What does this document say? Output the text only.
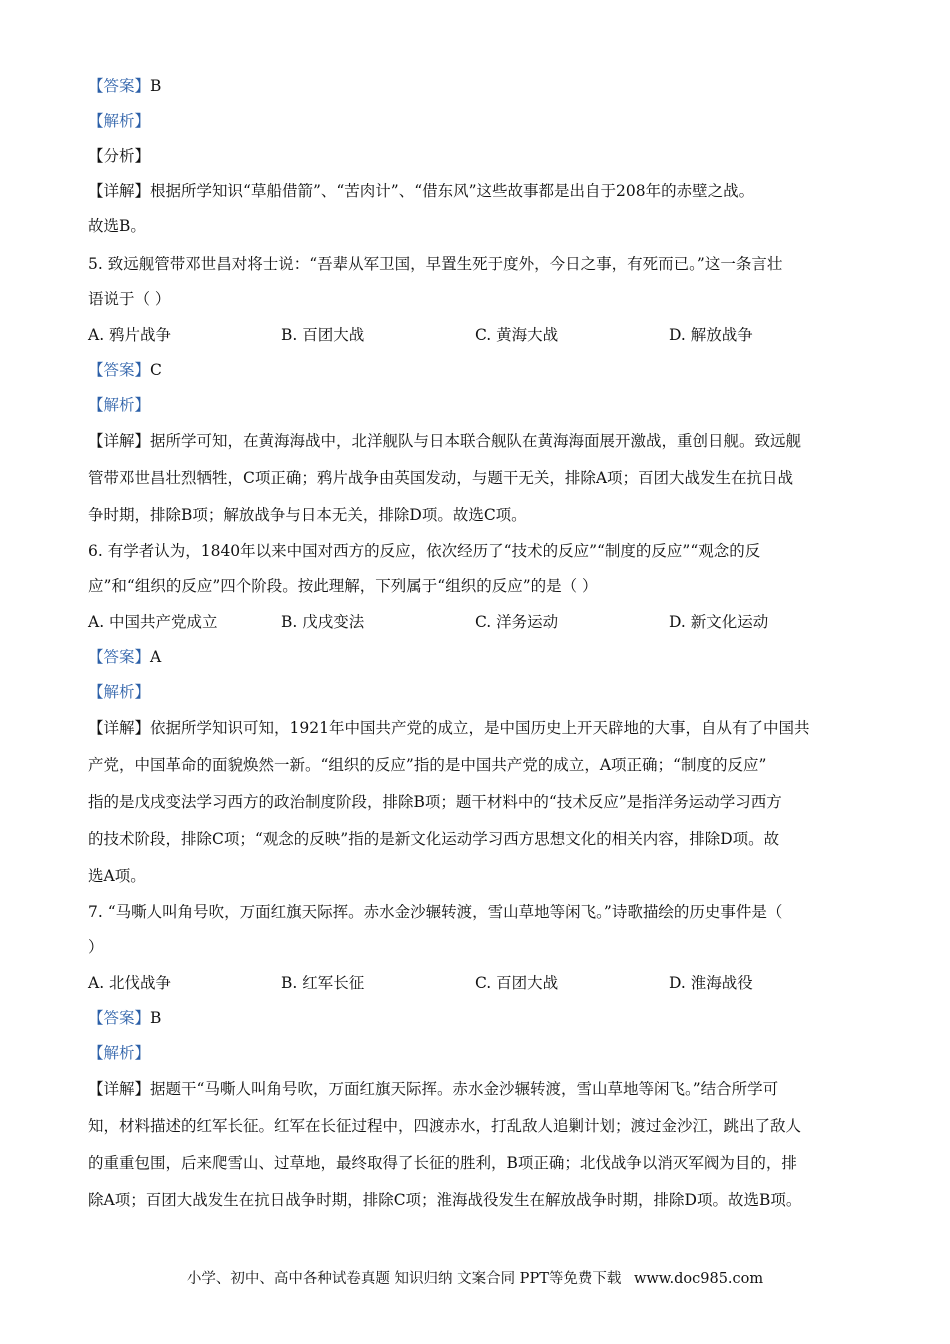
【答案】B
【解析】
【分析】
【详解】根据所学知识“草船借箭”、“苦肉计”、“借东风”这些故事都是出自于208年的赤壁之战。
故选B。
5. 致远舰管带邓世昌对将士说：“吾辈从军卫国，早置生死于度外，今日之事，有死而已。”这一条言壮
语说于（ ）
A. 鸦片战争	B. 百团大战	C. 黄海大战	D. 解放战争
【答案】C
【解析】
【详解】据所学可知，在黄海海战中，北洋舰队与日本联合舰队在黄海海面展开激战，重创日舰。致远舰
管带邓世昌壮烈牺牲，C项正确；鸦片战争由英国发动，与题干无关，排除A项；百团大战发生在抗日战
争时期，排除B项；解放战争与日本无关，排除D项。故选C项。
6. 有学者认为，1840年以来中国对西方的反应，依次经历了“技术的反应”“制度的反应”“观念的反
应”和“组织的反应”四个阶段。按此理解，下列属于“组织的反应”的是（ ）
A. 中国共产党成立	B. 戊戌变法	C. 洋务运动	D. 新文化运动
【答案】A
【解析】
【详解】依据所学知识可知，1921年中国共产党的成立，是中国历史上开天辟地的大事，自从有了中国共
产党，中国革命的面貌焕然一新。“组织的反应”指的是中国共产党的成立，A项正确；“制度的反应”
指的是戊戌变法学习西方的政治制度阶段，排除B项；题干材料中的“技术反应”是指洋务运动学习西方
的技术阶段，排除C项；“观念的反映”指的是新文化运动学习西方思想文化的相关内容，排除D项。故
选A项。
7. “马嘶人叫角号吹，万面红旗天际挥。赤水金沙辗转渡，雪山草地等闲飞。”诗歌描绘的历史事件是（
）
A. 北伐战争	B. 红军长征	C. 百团大战	D. 淮海战役
【答案】B
【解析】
【详解】据题干“马嘶人叫角号吹，万面红旗天际挥。赤水金沙辗转渡，雪山草地等闲飞。”结合所学可
知，材料描述的红军长征。红军在长征过程中，四渡赤水，打乱敌人追剿计划；渡过金沙江，跳出了敌人
的重重包围，后来爬雪山、过草地，最终取得了长征的胜利，B项正确；北伐战争以消灭军阀为目的，排
除A项；百团大战发生在抗日战争时期，排除C项；淮海战役发生在解放战争时期，排除D项。故选B项。
小学、初中、高中各种试卷真题 知识归纳 文案合同 PPT等免费下载 www.doc985.com
